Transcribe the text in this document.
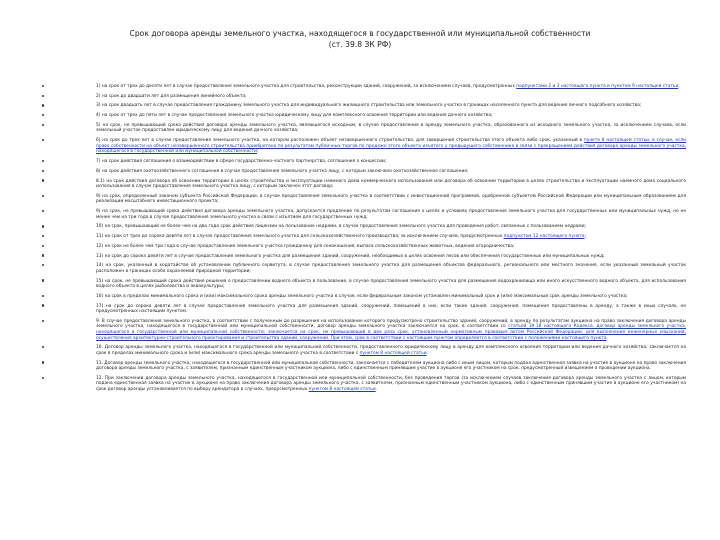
Срок договора аренды земельного участка, находящегося в государственной или муниципальной собственности
(ст. 39.8 ЗК РФ)
1) на срок от трех до десяти лет в случае предоставления земельного участка для строительства, реконструкции зданий, сооружений, за исключением случаев, предусмотренных подпунктами 2 и 3 настоящего пункта и пунктом 9 настоящей статьи;
2) на срок до двадцати лет для размещения линейного объекта;
3) на срок двадцать лет в случае предоставления гражданину земельного участка для индивидуального жилищного строительства или земельного участка в границах населенного пункта для ведения личного подсобного хозяйства;
4) на срок от трех до пяти лет в случае предоставления земельного участка юридическому лицу для комплексного освоения территории или ведения дачного хозяйства;
5) на срок, не превышающий срока действия договора аренды земельного участка, являющегося исходным, в случае предоставления в аренду земельного участка, образованного из исходного земельного участка, за исключением случаев, если земельный участок предоставлен юридическому лицу для ведения дачного хозяйства;
6) на срок до трех лет в случае предоставления земельного участка, на котором расположен объект незавершенного строительства, для завершения строительства этого объекта либо срок, указанный в пункте 8 настоящей статьи, в случае, если право собственности на объект незавершенного строительства приобретено по результатам публичных торгов по продаже этого объекта изъятого у предыдущего собственника в связи с прекращением действия договора аренды земельного участка, находящегося в государственной или муниципальной собственности;
7) на срок действия соглашения о взаимодействии в сфере государственно-частного партнерства, соглашения о концессии;
8) на срок действия охотхозяйственного соглашения в случае предоставления земельного участка лицу, с которым заключено охотхозяйственное соглашение;
8.1) на срок действия договора об освоении территории в целях строительства и эксплуатации наемного дома коммерческого использования или договора об освоении территории в целях строительства и эксплуатации наемного дома социального использования в случае предоставления земельного участка лицу, с которым заключен этот договор;
9) на срок, определенный законом субъекта Российской Федерации, в случае предоставления земельного участка в соответствии с инвестиционной программой, одобренной субъектом Российской Федерации или муниципальным образованием для реализации масштабного инвестиционного проекта;
9) на срок, не превышающий срока действия договора аренды земельного участка, допускается продление по результатам соглашения о целях и условиях предоставления земельного участка для государственных или муниципальных нужд, но не менее чем на три года в случае предоставления земельного участка в связи с изъятием для государственных нужд;
10) на срок, превышающий не более чем на два года срок действия лицензии на пользование недрами, в случае предоставления земельного участка для проведения работ, связанных с пользованием недрами;
11) на срок от трех до сорока девяти лет в случае предоставления земельного участка для сельскохозяйственного производства, за исключением случаев, предусмотренных подпунктом 12 настоящего пункта;
12) на срок не более чем три года в случае предоставления земельного участка гражданину для сенокошения, выпаса сельскохозяйственных животных, ведения огородничества;
13) на срок до сорока девяти лет в случае предоставления земельного участка для размещения зданий, сооружений, необходимых в целях освоения лесов или обеспечения государственных или муниципальных нужд;
14) на срок, указанный в ходатайстве об установлении публичного сервитута, в случае предоставления земельного участка для размещения объектов федерального, регионального или местного значения, если указанный земельный участок расположен в границах особо охраняемой природной территории;
15) на срок, не превышающий срока действия решения о предоставлении водного объекта в пользование, в случае предоставления земельного участка для размещения водохранилища или иного искусственного водного объекта, для использования водного объекта в целях рыболовства и аквакультуры;
16) на срок в пределах минимального срока и (или) максимального срока аренды земельного участка в случае, если федеральным законом установлен минимальный срок и (или) максимальный срок аренды земельного участка;
17) на срок до сорока девяти лет в случае предоставления земельного участка для размещения зданий, сооружений, помещений в них, если такие здания, сооружения, помещения предоставлены в аренду, а также в иных случаях, не предусмотренных настоящим пунктом.
9. В случае предоставления земельного участка, в соответствии с полученным до разрешения на использование которого предусмотрено строительство зданий, сооружений, в аренду по результатам аукциона на право заключения договора аренды земельного участка, находящегося в государственной или муниципальной собственности, договор аренды земельного участка заключается на срок, в соответствии со статьей 39.18 настоящего Кодекса, договор аренды земельного участка, находящегося в государственной или муниципальной собственности, заключается на срок, не превышающий в два раза срок, установленный нормативным правовым актом Российской Федерации, для выполнения инженерных изысканий, осуществления архитектурно-строительного проектирования и строительства зданий, сооружений. При этом, срок в соответствии с настоящим пунктом определяется в соответствии с положениями настоящего пункта.
10. Договор аренды земельного участка, находящегося в государственной или муниципальной собственности, предоставленного юридическому лицу в аренду для комплексного освоения территории или ведения дачного хозяйства, заключается на срок в пределах минимального срока и (или) максимального срока аренды земельного участка в соответствии с пунктом 8 настоящей статьи.
11. Договор аренды земельного участка, находящегося в государственной или муниципальной собственности, заключается с победителем аукциона либо с иным лицом, которым подана единственная заявка на участие в аукционе на право заключения договора аренды земельного участка, с заявителем, признанным единственным участником аукциона, либо с единственным принявшим участие в аукционе его участником на срок, предусмотренный извещением о проведении аукциона.
12. При заключении договора аренды земельного участка, находящегося в государственной или муниципальной собственности, без проведения торгов (за исключением случаев заключения договора аренды земельного участка с лицом, которым подана единственная заявка на участие в аукционе на право заключения договора аренды земельного участка, с заявителем, признанным единственным участником аукциона, либо с единственным принявшим участие в аукционе его участником) на срок договор аренды устанавливается по выбору арендатора в случаях, предусмотренных пунктом 8 настоящей статьи.
